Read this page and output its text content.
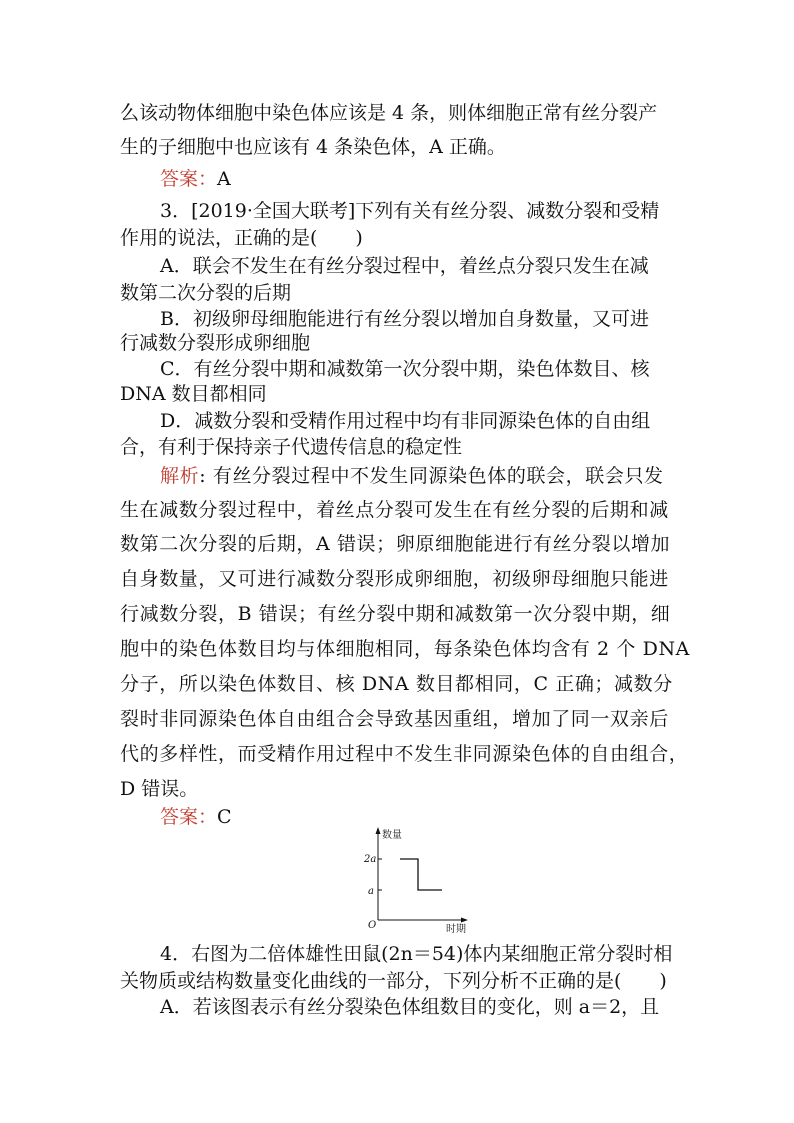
么该动物体细胞中染色体应该是 4 条，则体细胞正常有丝分裂产
生的子细胞中也应该有 4 条染色体，A 正确。
答案：A
3．[2019·全国大联考]下列有关有丝分裂、减数分裂和受精
作用的说法，正确的是(　　)
A．联会不发生在有丝分裂过程中，着丝点分裂只发生在减
数第二次分裂的后期
B．初级卵母细胞能进行有丝分裂以增加自身数量，又可进
行减数分裂形成卵细胞
C．有丝分裂中期和减数第一次分裂中期，染色体数目、核
DNA 数目都相同
D．减数分裂和受精作用过程中均有非同源染色体的自由组
合，有利于保持亲子代遗传信息的稳定性
解析: 有丝分裂过程中不发生同源染色体的联会，联会只发
生在减数分裂过程中，着丝点分裂可发生在有丝分裂的后期和减
数第二次分裂的后期，A 错误；卵原细胞能进行有丝分裂以增加
自身数量，又可进行减数分裂形成卵细胞，初级卵母细胞只能进
行减数分裂，B 错误；有丝分裂中期和减数第一次分裂中期，细
胞中的染色体数目均与体细胞相同，每条染色体均含有 2 个 DNA
分子，所以染色体数目、核 DNA 数目都相同，C 正确；减数分
裂时非同源染色体自由组合会导致基因重组，增加了同一双亲后
代的多样性，而受精作用过程中不发生非同源染色体的自由组合，
D 错误。
答案：C
数量
时期
O
2a
a
4．右图为二倍体雄性田鼠(2n＝54)体内某细胞正常分裂时相
关物质或结构数量变化曲线的一部分，下列分析不正确的是(　　)
A．若该图表示有丝分裂染色体组数目的变化，则 a＝2，且
